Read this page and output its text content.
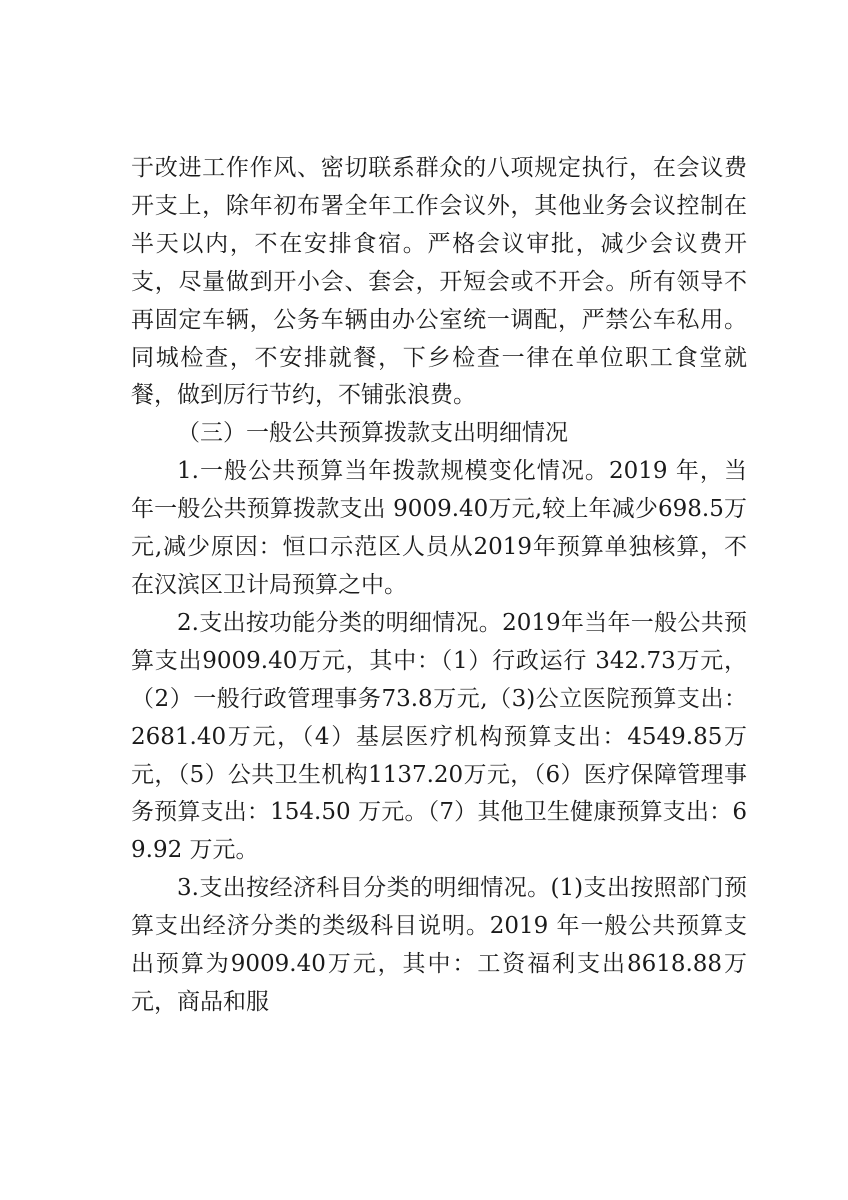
于改进工作作风、密切联系群众的八项规定执行，在会议费开支上，除年初布署全年工作会议外，其他业务会议控制在半天以内，不在安排食宿。严格会议审批，减少会议费开支，尽量做到开小会、套会，开短会或不开会。所有领导不再固定车辆，公务车辆由办公室统一调配，严禁公车私用。同城检查，不安排就餐，下乡检查一律在单位职工食堂就餐，做到厉行节约，不铺张浪费。

（三）一般公共预算拨款支出明细情况

1.一般公共预算当年拨款规模变化情况。2019 年，当年一般公共预算拨款支出 9009.40万元,较上年减少698.5万元,减少原因：恒口示范区人员从2019年预算单独核算，不在汉滨区卫计局预算之中。

2.支出按功能分类的明细情况。2019年当年一般公共预算支出9009.40万元，其中：（1）行政运行 342.73万元，（2）一般行政管理事务73.8万元,（3)公立医院预算支出：2681.40万元，（4）基层医疗机构预算支出：4549.85万元，（5）公共卫生机构1137.20万元，（6）医疗保障管理事务预算支出：154.50 万元。（7）其他卫生健康预算支出：69.92 万元。

3.支出按经济科目分类的明细情况。(1)支出按照部门预算支出经济分类的类级科目说明。2019 年一般公共预算支出预算为9009.40万元，其中：工资福利支出8618.88万元，商品和服
